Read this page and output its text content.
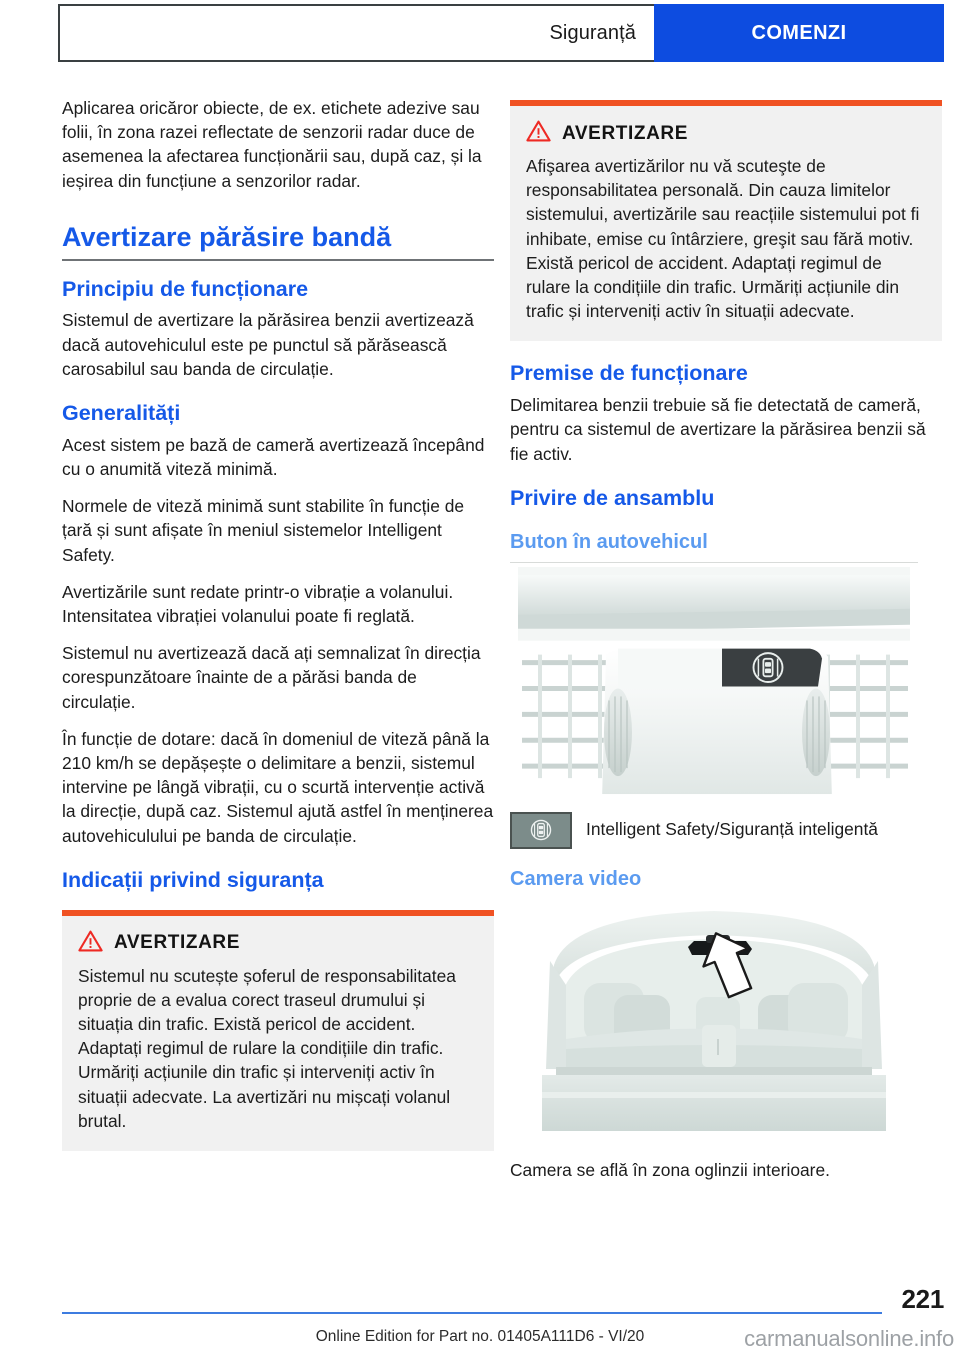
Siguranță	COMENZI

Aplicarea oricăror obiecte, de ex. etichete adezive sau folii, în zona razei reflectate de senzorii radar duce de asemenea la afectarea funcționării sau, după caz, și la ieșirea din funcțiune a senzorilor radar.

Avertizare părăsire bandă
Principiu de funcționare

Sistemul de avertizare la părăsirea benzii avertizează dacă autovehiculul este pe punctul să părăsească carosabilul sau banda de circulație.

Generalități

Acest sistem pe bază de cameră avertizează începând cu o anumită viteză minimă.

Normele de viteză minimă sunt stabilite în funcție de țară și sunt afișate în meniul sistemelor Intelligent Safety.

Avertizările sunt redate printr-o vibrație a volanului. Intensitatea vibrației volanului poate fi reglată.

Sistemul nu avertizează dacă ați semnalizat în direcția corespunzătoare înainte de a părăsi banda de circulație.

În funcție de dotare: dacă în domeniul de viteză până la 210 km/h se depășește o delimitare a benzii, sistemul intervine pe lângă vibrații, cu o scurtă intervenție activă la direcție, după caz. Sistemul ajută astfel în menținerea autovehiculului pe banda de circulație.

Indicații privind siguranța
AVERTIZARE

Sistemul nu scutește șoferul de responsabilitatea proprie de a evalua corect traseul drumului și situația din trafic. Există pericol de accident. Adaptați regimul de rulare la condițiile din trafic. Urmăriți acțiunile din trafic și interveniți activ în situații adecvate. La avertizări nu mișcați volanul brutal.

AVERTIZARE

Afişarea avertizărilor nu vă scuteşte de responsabilitatea personală. Din cauza limitelor sistemului, avertizările sau reacțiile sistemului pot fi inhibate, emise cu întârziere, greşit sau fără motiv. Există pericol de accident. Adaptați regimul de rulare la condițiile din trafic. Urmăriți acțiunile din trafic și interveniți activ în situații adecvate.

Premise de funcționare

Delimitarea benzii trebuie să fie detectată de cameră, pentru ca sistemul de avertizare la părăsirea benzii să fie activ.

Privire de ansamblu
Buton în autovehicul
Intelligent Safety/Siguranță inteligentă
Camera video
Camera se află în zona oglinzii interioare.
221
Online Edition for Part no. 01405A111D6 - VI/20	carmanualsonline.info
